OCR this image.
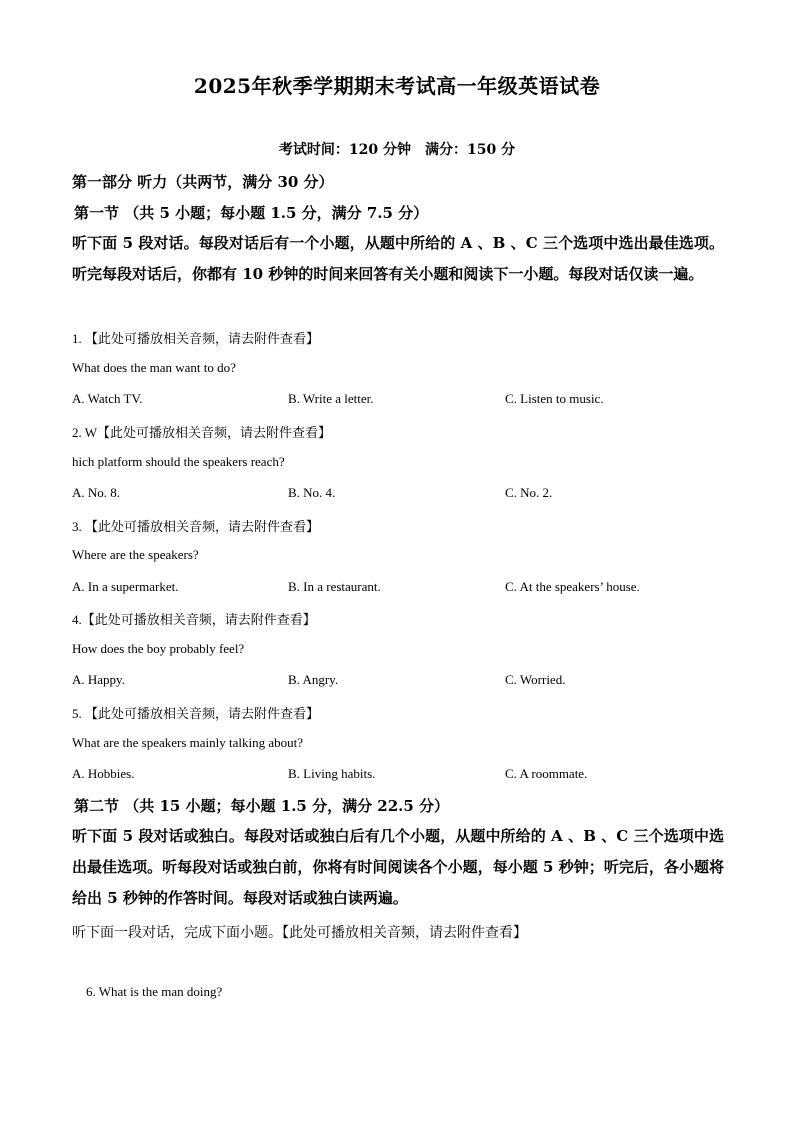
2025年秋季学期期末考试高一年级英语试卷
考试时间：120 分钟　满分：150 分
第一部分 听力（共两节，满分 30 分）
第一节 （共 5 小题；每小题 1.5 分，满分 7.5 分）
听下面 5 段对话。每段对话后有一个小题，从题中所给的 A 、B 、C 三个选项中选出最佳选项。听完每段对话后，你都有 10 秒钟的时间来回答有关小题和阅读下一小题。每段对话仅读一遍。
1. 【此处可播放相关音频，请去附件查看】
What does the man want to do?
A. Watch TV.	B. Write a letter.	C. Listen to music.
2. W【此处可播放相关音频，请去附件查看】
hich platform should the speakers reach?
A. No. 8.	B. No. 4.	C. No. 2.
3. 【此处可播放相关音频，请去附件查看】
Where are the speakers?
A. In a supermarket.	B. In a restaurant.	C. At the speakers’ house.
4.【此处可播放相关音频，请去附件查看】
How does the boy probably feel?
A. Happy.	B. Angry.	C. Worried.
5. 【此处可播放相关音频，请去附件查看】
What are the speakers mainly talking about?
A. Hobbies.	B. Living habits.	C. A roommate.
第二节 （共 15 小题；每小题 1.5 分，满分 22.5 分）
听下面 5 段对话或独白。每段对话或独白后有几个小题，从题中所给的 A 、B 、C 三个选项中选出最佳选项。听每段对话或独白前，你将有时间阅读各个小题，每小题 5 秒钟；听完后，各小题将给出 5 秒钟的作答时间。每段对话或独白读两遍。
听下面一段对话，完成下面小题。【此处可播放相关音频，请去附件查看】
6. What is the man doing?
